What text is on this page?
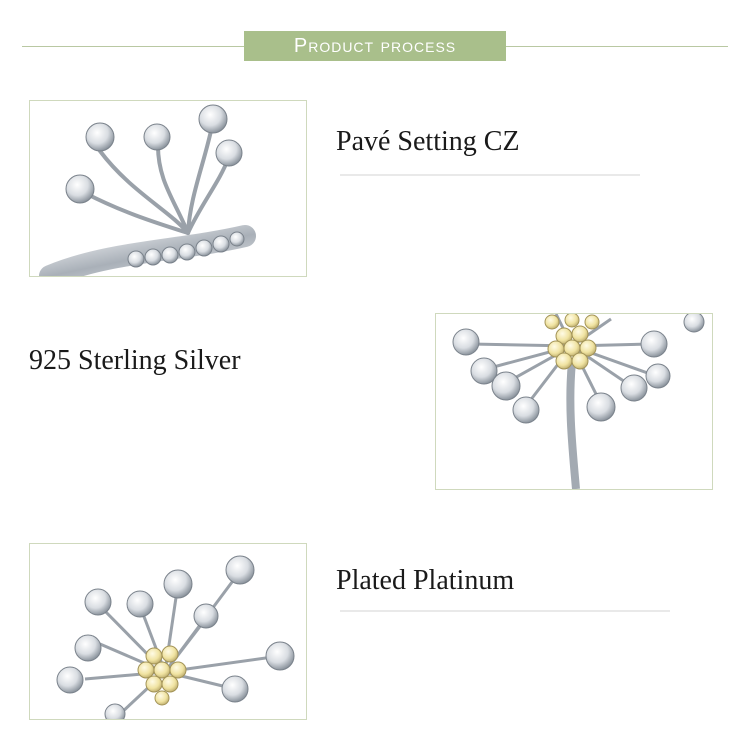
Product process
Pavé Setting CZ
925 Sterling Silver
Plated Platinum
